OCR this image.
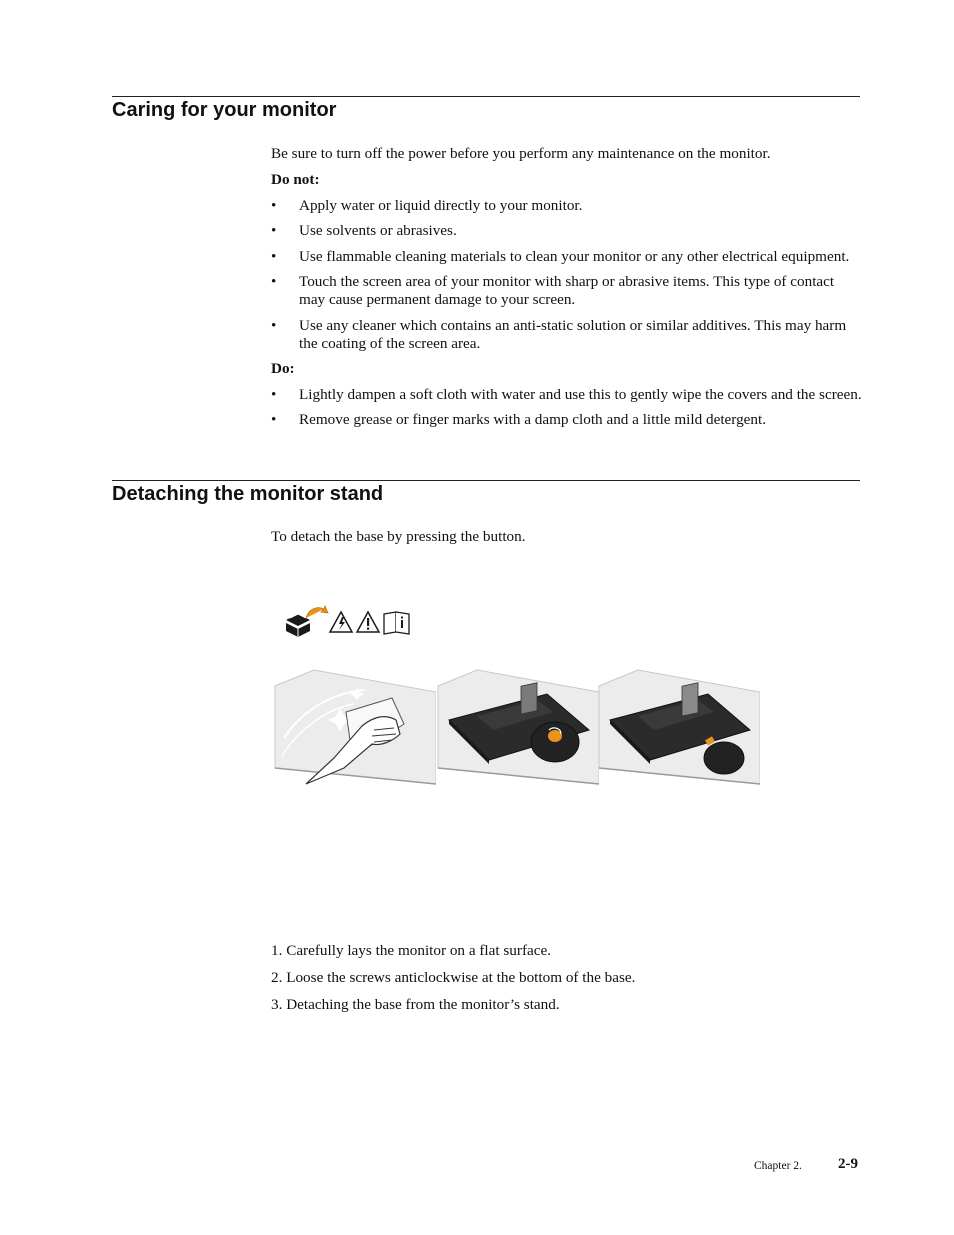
Caring for your monitor

Be sure to turn off the power before you perform any maintenance on the monitor.

Do not:

• Apply water or liquid directly to your monitor.
• Use solvents or abrasives.
• Use flammable cleaning materials to clean your monitor or any other electrical equipment.
• Touch the screen area of your monitor with sharp or abrasive items. This type of contact may cause permanent damage to your screen.
• Use any cleaner which contains an anti-static solution or similar additives. This may harm the coating of the screen area.

Do:

• Lightly dampen a soft cloth with water and use this to gently wipe the covers and the screen.
• Remove grease or finger marks with a damp cloth and a little mild detergent.
Detaching the monitor stand

To detach the base by pressing the button.

1. Carefully lays the monitor on a flat surface.

2. Loose the screws anticlockwise at the bottom of the base.

3. Detaching the base from the monitor’s stand.

Chapter 2. 2-9
